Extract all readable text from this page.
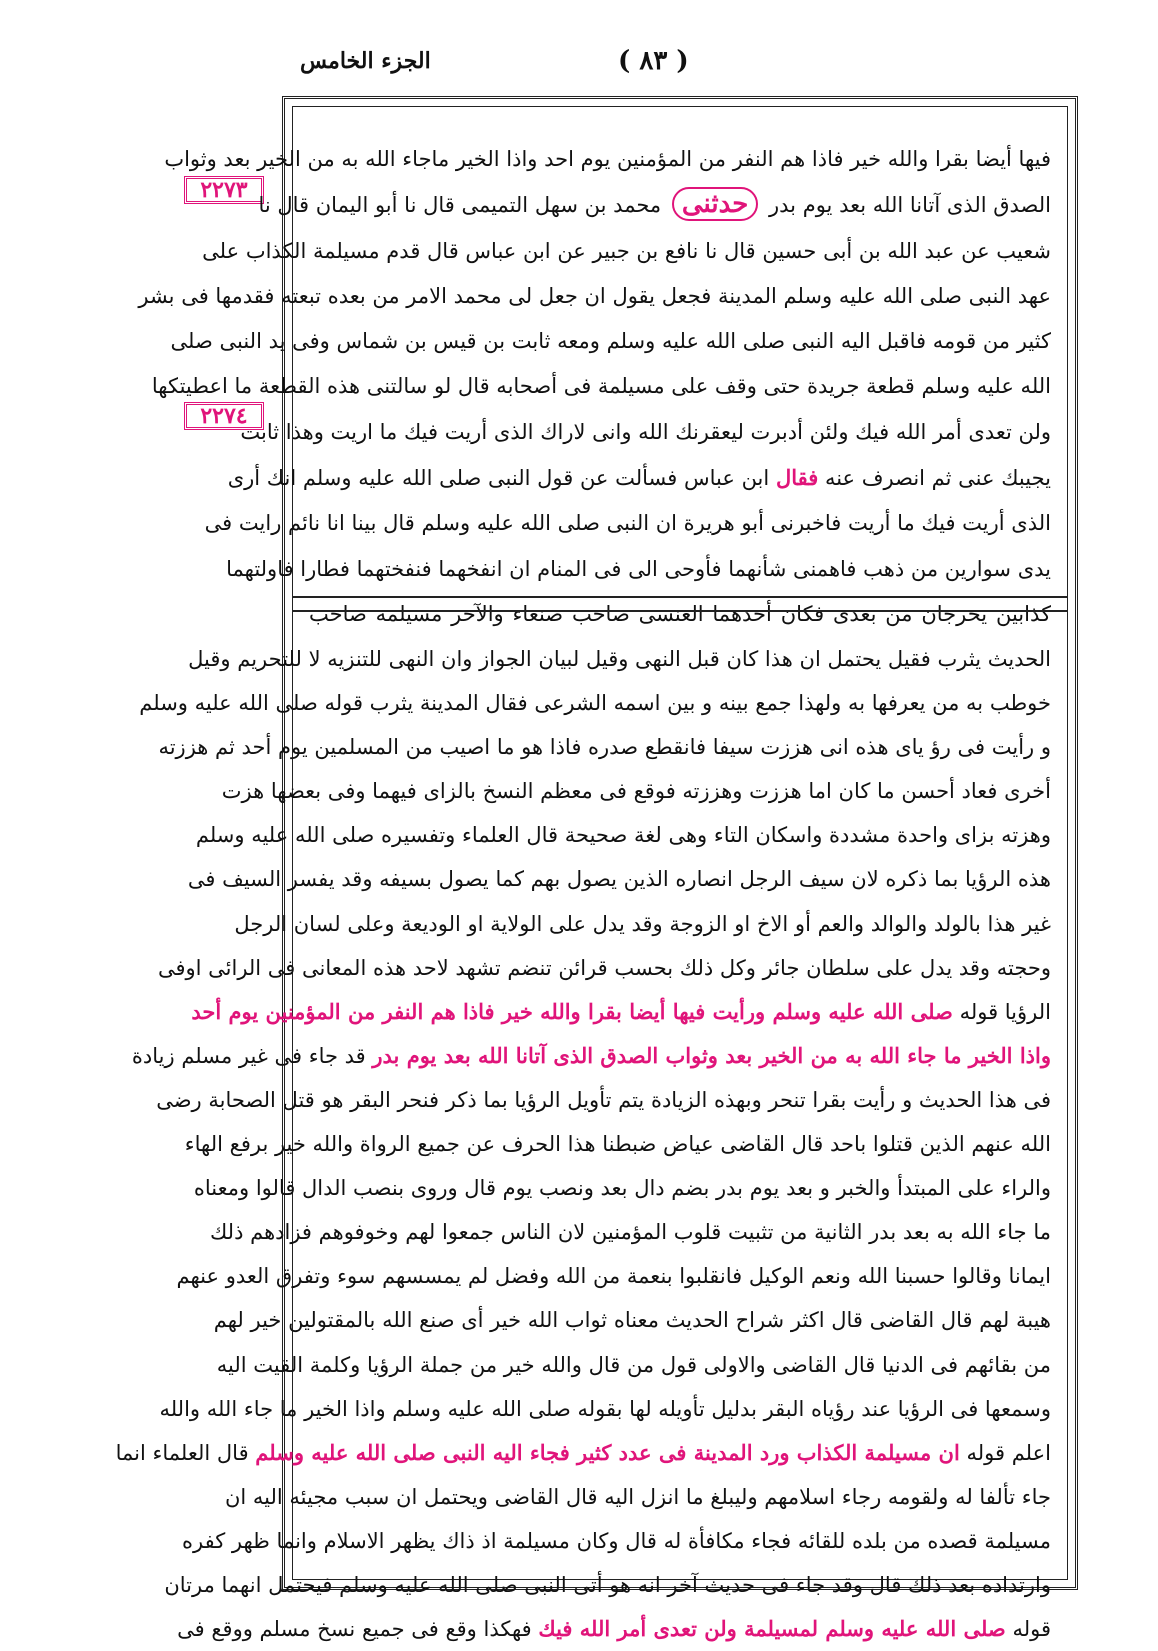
الجزء الخامس	( ٨٣ )
٢٢٧٣
٢٢٧٤
فيها أيضا بقرا والله خير فاذا هم النفر من المؤمنين يوم احد واذا الخير ماجاء الله به من الخير بعد وثواب
الصدق الذى آتانا الله بعد يوم بدر حدثنى محمد بن سهل التميمى قال نا أبو اليمان قال نا
شعيب عن عبد الله بن أبى حسين قال نا نافع بن جبير عن ابن عباس قال قدم مسيلمة الكذاب على
عهد النبى صلى الله عليه وسلم المدينة فجعل يقول ان جعل لى محمد الامر من بعده تبعته فقدمها فى بشر
كثير من قومه فاقبل اليه النبى صلى الله عليه وسلم ومعه ثابت بن قيس بن شماس وفى يد النبى صلى
الله عليه وسلم قطعة جريدة حتى وقف على مسيلمة فى أصحابه قال لو سالتنى هذه القطعة ما اعطيتكها
ولن تعدى أمر الله فيك ولئن أدبرت ليعقرنك الله وانى لاراك الذى أريت فيك ما اريت وهذا ثابت
يجيبك عنى ثم انصرف عنه فقال ابن عباس فسألت عن قول النبى صلى الله عليه وسلم انك أرى
الذى أريت فيك ما أريت فاخبرنى أبو هريرة ان النبى صلى الله عليه وسلم قال بينا انا نائم رايت فى
يدى سوارين من ذهب فاهمنى شأنهما فأوحى الى فى المنام ان انفخهما فنفختهما فطارا فاولتهما
كذابين يخرجان من بعدى فكان أحدهما العنسى صاحب صنعاء والآخر مسيلمة صاحب
الحديث يثرب فقيل يحتمل ان هذا كان قبل النهى وقيل لبيان الجواز وان النهى للتنزيه لا للتحريم وقيل
خوطب به من يعرفها به ولهذا جمع بينه و بين اسمه الشرعى فقال المدينة يثرب قوله صلى الله عليه وسلم
و رأيت فى رؤ ياى هذه انى هززت سيفا فانقطع صدره فاذا هو ما اصيب من المسلمين يوم أحد ثم هززته
أخرى فعاد أحسن ما كان اما هززت وهززته فوقع فى معظم النسخ بالزاى فيهما وفى بعضها هزت
وهزته بزاى واحدة مشددة واسكان التاء وهى لغة صحيحة قال العلماء وتفسيره صلى الله عليه وسلم
هذه الرؤيا بما ذكره لان سيف الرجل انصاره الذين يصول بهم كما يصول بسيفه وقد يفسر السيف فى
غير هذا بالولد والوالد والعم أو الاخ او الزوجة وقد يدل على الولاية او الوديعة وعلى لسان الرجل
وحجته وقد يدل على سلطان جائر وكل ذلك بحسب قرائن تنضم تشهد لاحد هذه المعانى فى الرائى اوفى
الرؤيا قوله صلى الله عليه وسلم ورأيت فيها أيضا بقرا والله خير فاذا هم النفر من المؤمنين يوم أحد
واذا الخير ما جاء الله به من الخير بعد وثواب الصدق الذى آتانا الله بعد يوم بدر قد جاء فى غير مسلم زيادة
فى هذا الحديث و رأيت بقرا تنحر وبهذه الزيادة يتم تأويل الرؤيا بما ذكر فنحر البقر هو قتل الصحابة رضى
الله عنهم الذين قتلوا باحد قال القاضى عياض ضبطنا هذا الحرف عن جميع الرواة والله خير برفع الهاء
والراء على المبتدأ والخبر و بعد يوم بدر بضم دال بعد ونصب يوم قال وروى بنصب الدال قالوا ومعناه
ما جاء الله به بعد بدر الثانية من تثبيت قلوب المؤمنين لان الناس جمعوا لهم وخوفوهم فزادهم ذلك
ايمانا وقالوا حسبنا الله ونعم الوكيل فانقلبوا بنعمة من الله وفضل لم يمسسهم سوء وتفرق العدو عنهم
هيبة لهم قال القاضى قال اكثر شراح الحديث معناه ثواب الله خير أى صنع الله بالمقتولين خير لهم
من بقائهم فى الدنيا قال القاضى والاولى قول من قال والله خير من جملة الرؤيا وكلمة القيت اليه
وسمعها فى الرؤيا عند رؤياه البقر بدليل تأويله لها بقوله صلى الله عليه وسلم واذا الخير ما جاء الله والله
اعلم قوله ان مسيلمة الكذاب ورد المدينة فى عدد كثير فجاء اليه النبى صلى الله عليه وسلم قال العلماء انما
جاء تألفا له ولقومه رجاء اسلامهم وليبلغ ما انزل اليه قال القاضى ويحتمل ان سبب مجيئه اليه ان
مسيلمة قصده من بلده للقائه فجاء مكافأة له قال وكان مسيلمة اذ ذاك يظهر الاسلام وانما ظهر كفره
وارتداده بعد ذلك قال وقد جاء فى حديث آخر انه هو أتى النبى صلى الله عليه وسلم فيحتمل انهما مرتان
قوله صلى الله عليه وسلم لمسيلمة ولن تعدى أمر الله فيك فهكذا وقع فى جميع نسخ مسلم ووقع فى
